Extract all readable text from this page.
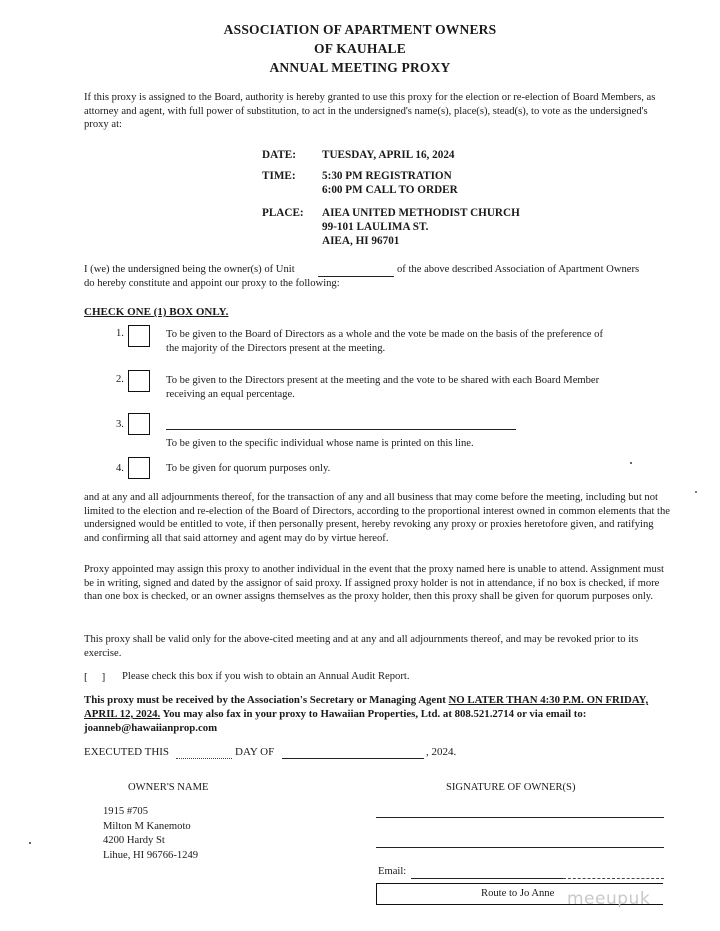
ASSOCIATION OF APARTMENT OWNERS
OF KAUHALE
ANNUAL MEETING PROXY
If this proxy is assigned to the Board, authority is hereby granted to use this proxy for the election or re-election of Board Members, as attorney and agent, with full power of substitution, to act in the undersigned's name(s), place(s), stead(s), to vote as the undersigned's proxy at:
DATE: TUESDAY, APRIL 16, 2024
TIME: 5:30 PM REGISTRATION
6:00 PM CALL TO ORDER
PLACE: AIEA UNITED METHODIST CHURCH
99-101 LAULIMA ST.
AIEA, HI 96701
I (we) the undersigned being the owner(s) of Unit	of the above described Association of Apartment Owners
do hereby constitute and appoint our proxy to the following:
CHECK ONE (1) BOX ONLY.
1.	To be given to the Board of Directors as a whole and the vote be made on the basis of the preference of
the majority of the Directors present at the meeting.
2.	To be given to the Directors present at the meeting and the vote to be shared with each Board Member
receiving an equal percentage.
3.
To be given to the specific individual whose name is printed on this line.
4.	To be given for quorum purposes only.
and at any and all adjournments thereof, for the transaction of any and all business that may come before the meeting, including but not limited to the election and re-election of the Board of Directors, according to the proportional interest owned in common elements that the undersigned would be entitled to vote, if then personally present, hereby revoking any proxy or proxies heretofore given, and ratifying and confirming all that said attorney and agent may do by virtue hereof.
Proxy appointed may assign this proxy to another individual in the event that the proxy named here is unable to attend. Assignment must be in writing, signed and dated by the assignor of said proxy. If assigned proxy holder is not in attendance, if no box is checked, if more than one box is checked, or an owner assigns themselves as the proxy holder, then this proxy shall be given for quorum purposes only.
This proxy shall be valid only for the above-cited meeting and at any and all adjournments thereof, and may be revoked prior to its exercise.
[ ] Please check this box if you wish to obtain an Annual Audit Report.
This proxy must be received by the Association's Secretary or Managing Agent NO LATER THAN 4:30 P.M. ON FRIDAY, APRIL 12, 2024. You may also fax in your proxy to Hawaiian Properties, Ltd. at 808.521.2714 or via email to: joanneb@hawaiianprop.com
EXECUTED THIS	DAY OF	, 2024.
OWNER'S NAME	SIGNATURE OF OWNER(S)
1915 #705
Milton M Kanemoto
4200 Hardy St
Lihue, HI 96766-1249
Email:
Route to Jo Anne meeupuk
